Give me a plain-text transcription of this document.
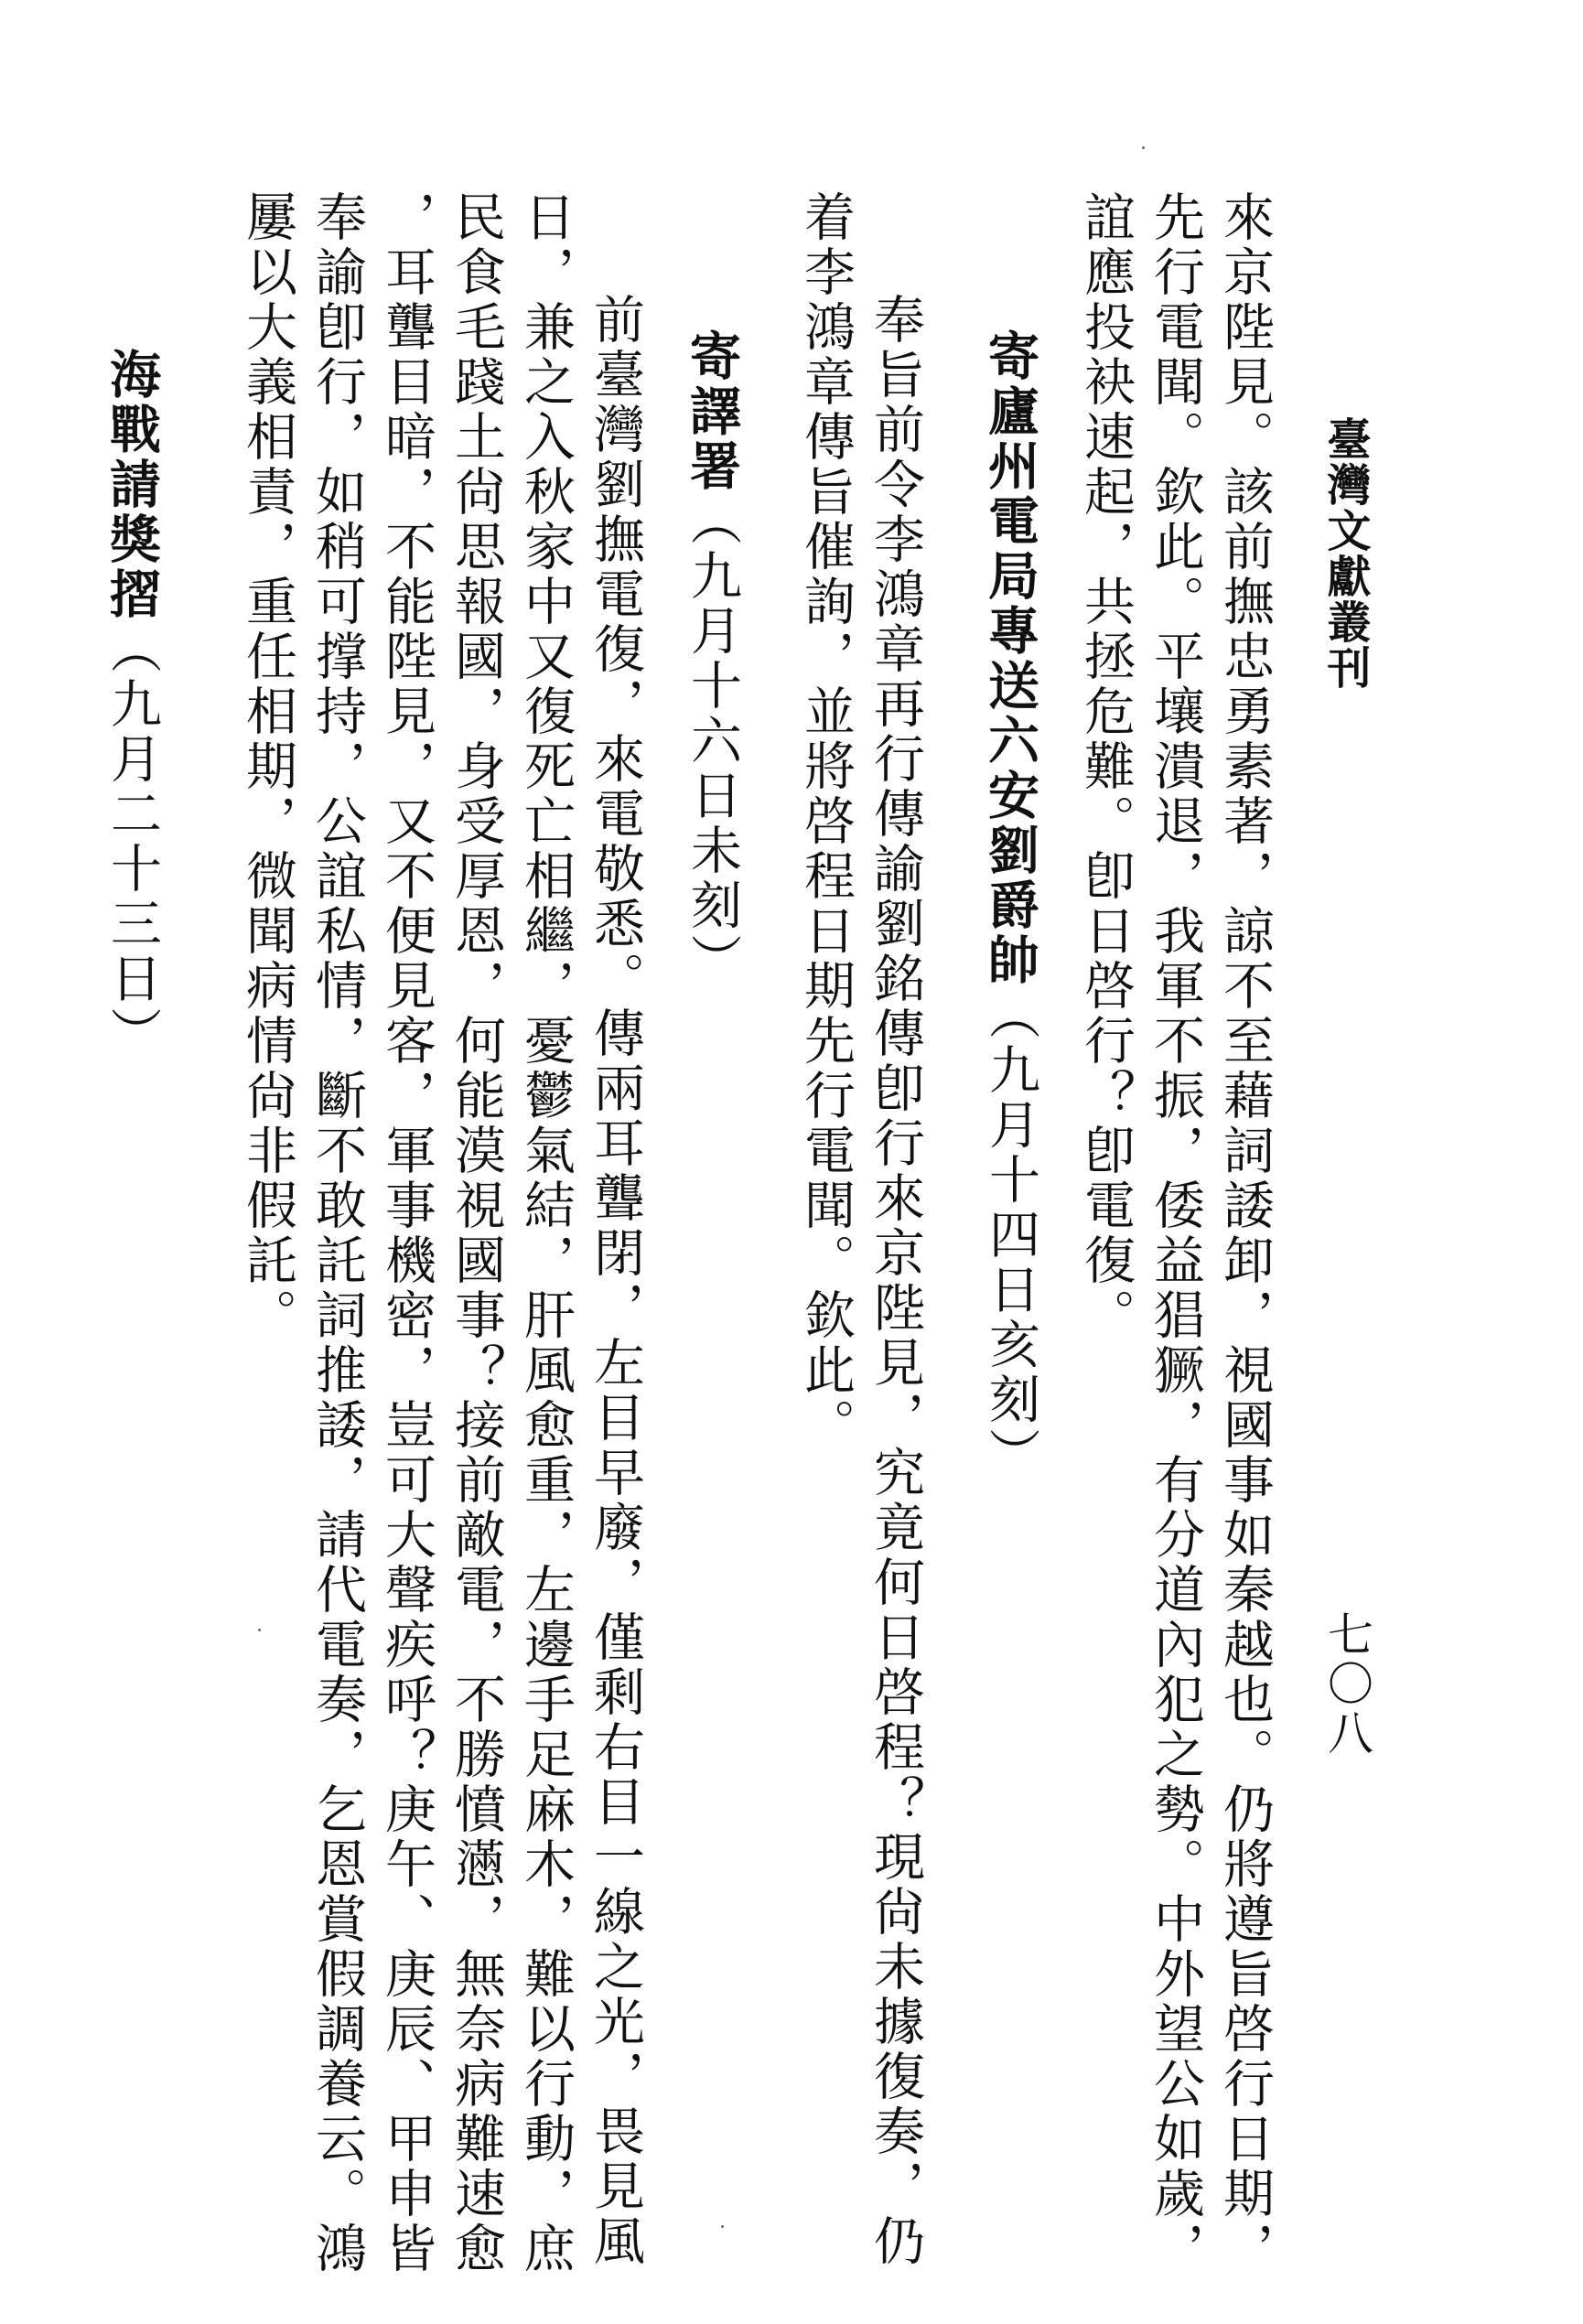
臺灣文獻叢刊
七〇八
來京陛見。該前撫忠勇素著，諒不至藉詞諉卸，視國事如秦越也。仍將遵旨啓行日期，
先行電聞。欽此。平壤潰退，我軍不振，倭益猖獗，有分道內犯之勢。中外望公如歲，
誼應投袂速起，共拯危難。卽日啓行？卽電復。
寄廬州電局專送六安劉爵帥（九月十四日亥刻）
奉旨前令李鴻章再行傳諭劉銘傳卽行來京陛見，究竟何日啓程？現尙未據復奏，仍
着李鴻章傳旨催詢，並將啓程日期先行電聞。欽此。
寄譯署（九月十六日未刻）
前臺灣劉撫電復，來電敬悉。傳兩耳聾閉，左目早廢，僅剩右目一線之光，畏見風
日，兼之入秋家中又復死亡相繼，憂鬱氣結，肝風愈重，左邊手足麻木，難以行動，庶
民食毛踐土尙思報國，身受厚恩，何能漠視國事？接前敵電，不勝憤懣，無奈病難速愈
，耳聾目暗，不能陛見，又不便見客，軍事機密，豈可大聲疾呼？庚午、庚辰、甲申皆
奉諭卽行，如稍可撑持，公誼私情，斷不敢託詞推諉，請代電奏，乞恩賞假調養云。鴻
屢以大義相責，重任相期，微聞病情尙非假託。
海戰請獎摺（九月二十三日）
